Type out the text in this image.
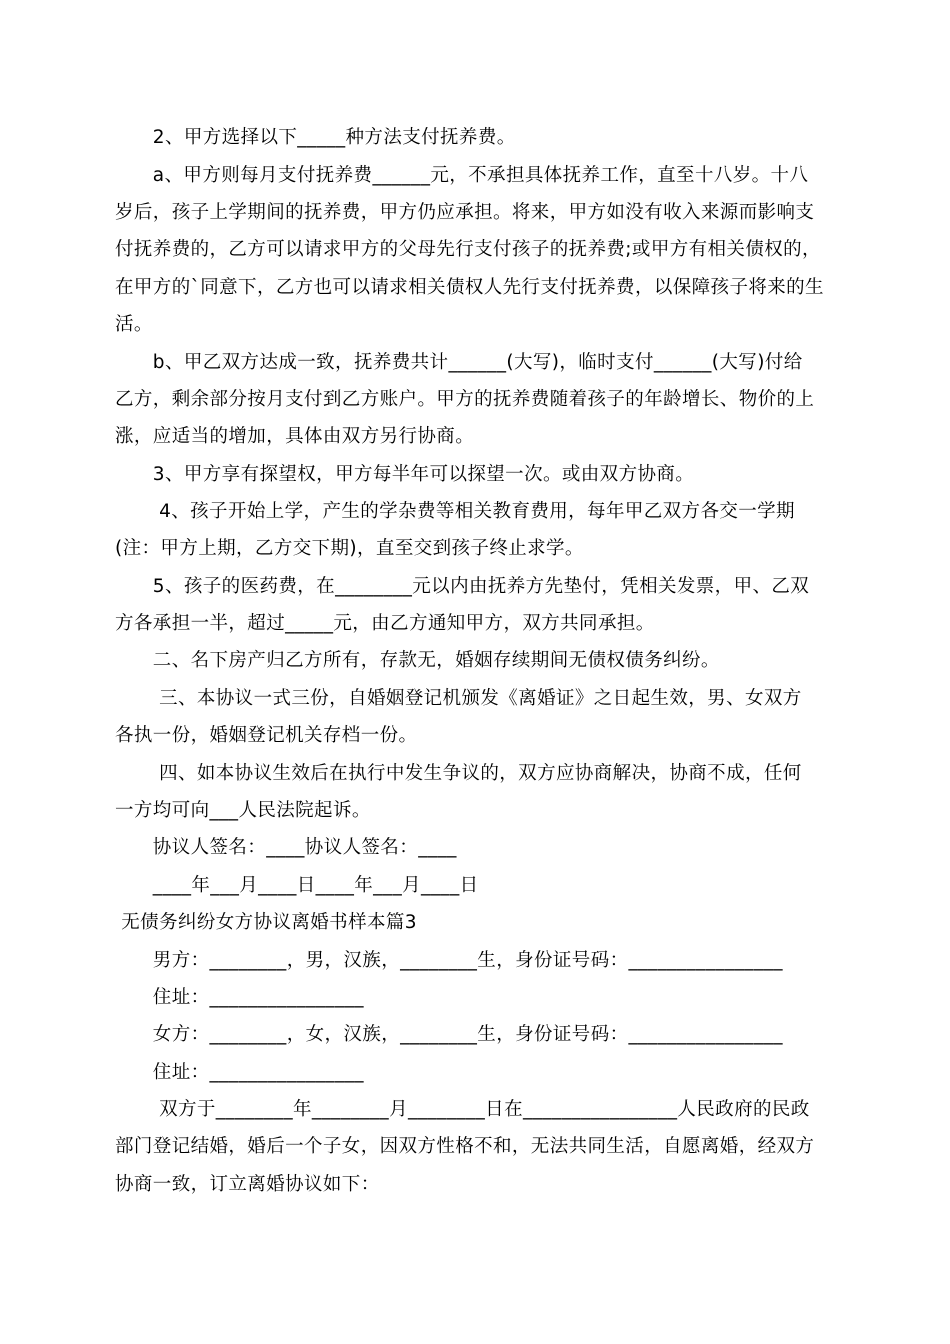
　　2、甲方选择以下_____种方法支付抚养费。

　　a、甲方则每月支付抚养费______元，不承担具体抚养工作，直至十八岁。十八

岁后，孩子上学期间的抚养费，甲方仍应承担。将来，甲方如没有收入来源而影响支

付抚养费的，乙方可以请求甲方的父母先行支付孩子的抚养费;或甲方有相关债权的，

在甲方的`同意下，乙方也可以请求相关债权人先行支付抚养费，以保障孩子将来的生

活。

　　b、甲乙双方达成一致，抚养费共计______(大写)，临时支付______(大写)付给

乙方，剩余部分按月支付到乙方账户。甲方的抚养费随着孩子的年龄增长、物价的上

涨，应适当的增加，具体由双方另行协商。

　　3、甲方享有探望权，甲方每半年可以探望一次。或由双方协商。

　　 4、孩子开始上学，产生的学杂费等相关教育费用，每年甲乙双方各交一学期

(注：甲方上期，乙方交下期)，直至交到孩子终止求学。

　　5、孩子的医药费，在________元以内由抚养方先垫付，凭相关发票，甲、乙双

方各承担一半，超过_____元，由乙方通知甲方，双方共同承担。

　　二、名下房产归乙方所有，存款无，婚姻存续期间无债权债务纠纷。

　　 三、本协议一式三份，自婚姻登记机颁发《离婚证》之日起生效，男、女双方

各执一份，婚姻登记机关存档一份。

　　 四、如本协议生效后在执行中发生争议的，双方应协商解决，协商不成，任何

一方均可向___人民法院起诉。

　　协议人签名：____协议人签名：____

　　____年___月____日____年___月____日

无债务纠纷女方协议离婚书样本篇3

　　男方：________，男，汉族，________生，身份证号码：________________

　　住址：________________

　　女方：________，女，汉族，________生，身份证号码：________________

　　住址：________________

　　 双方于________年________月________日在________________人民政府的民政

部门登记结婚，婚后一个子女，因双方性格不和，无法共同生活，自愿离婚，经双方

协商一致，订立离婚协议如下：
